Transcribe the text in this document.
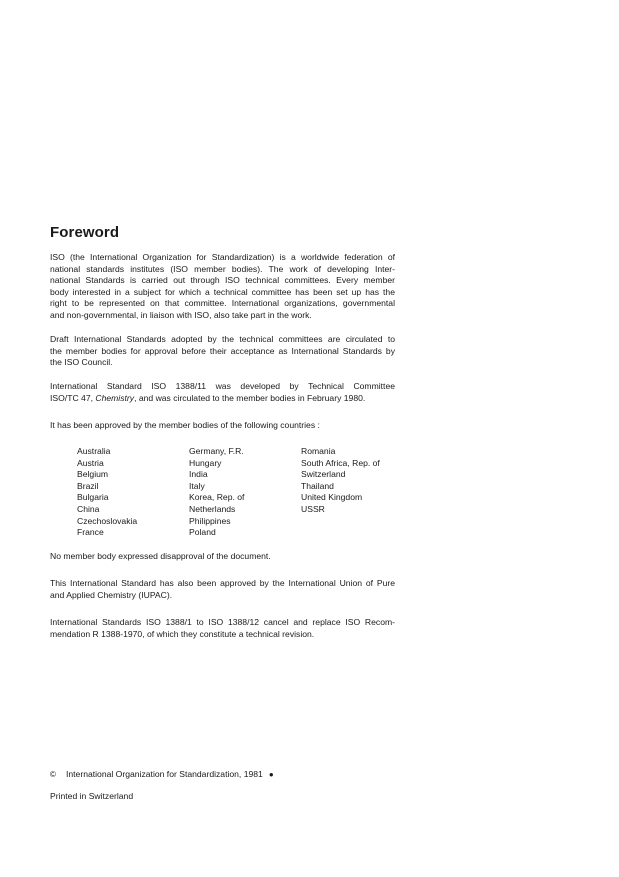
Foreword

ISO (the International Organization for Standardization) is a worldwide federation of
national standards institutes (ISO member bodies). The work of developing Inter-
national Standards is carried out through ISO technical committees. Every member
body interested in a subject for which a technical committee has been set up has the
right to be represented on that committee. International organizations, governmental
and non-governmental, in liaison with ISO, also take part in the work.

Draft International Standards adopted by the technical committees are circulated to
the member bodies for approval before their acceptance as International Standards by
the ISO Council.

International Standard ISO 1388/11 was developed by Technical Committee
ISO/TC 47, Chemistry, and was circulated to the member bodies in February 1980.

It has been approved by the member bodies of the following countries :

Australia
Austria
Belgium
Brazil
Bulgaria
China
Czechoslovakia
France
Germany, F.R.
Hungary
India
Italy
Korea, Rep. of
Netherlands
Philippines
Poland
Romania
South Africa, Rep. of
Switzerland
Thailand
United Kingdom
USSR

No member body expressed disapproval of the document.

This International Standard has also been approved by the International Union of Pure
and Applied Chemistry (IUPAC).

International Standards ISO 1388/1 to ISO 1388/12 cancel and replace ISO Recom-
mendation R 1388-1970, of which they constitute a technical revision.

© International Organization for Standardization, 1981 ●
Printed in Switzerland
